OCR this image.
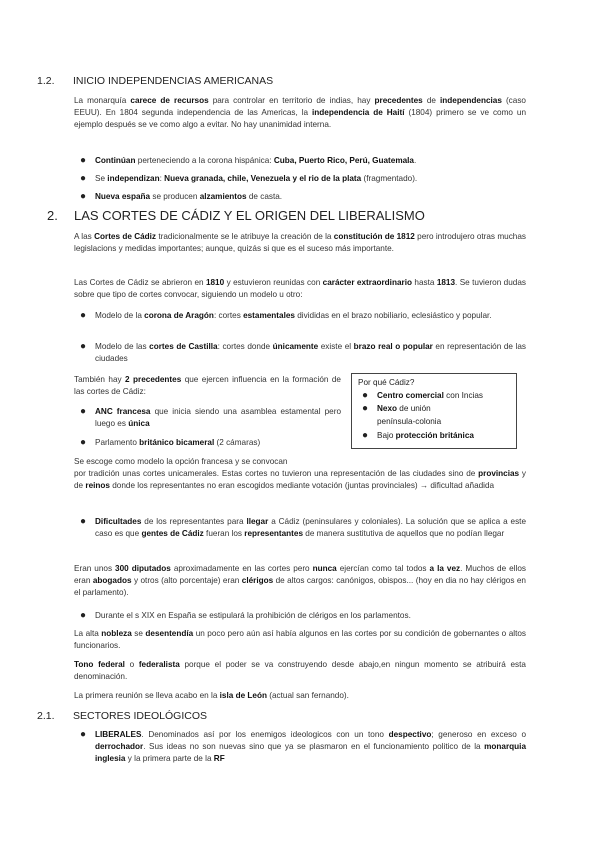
1.2. INICIO INDEPENDENCIAS AMERICANAS
La monarquía carece de recursos para controlar en territorio de indias, hay precedentes de independencias (caso EEUU). En 1804 segunda independencia de las Americas, la independencia de Haití (1804) primero se ve como un ejemplo después se ve como algo a evitar. No hay unanimidad interna.
● Continúan perteneciendo a la corona hispánica: Cuba, Puerto Rico, Perú, Guatemala.
● Se independizan: Nueva granada, chile, Venezuela y el rio de la plata (fragmentado).
● Nueva españa se producen alzamientos de casta.
2. LAS CORTES DE CÁDIZ Y EL ORIGEN DEL LIBERALISMO
A las Cortes de Cádiz tradicionalmente se le atribuye la creación de la constitución de 1812 pero introdujero otras muchas legislacions y medidas importantes; aunque, quizás si que es el suceso más importante.
Las Cortes de Cádiz se abrieron en 1810 y estuvieron reunidas con carácter extraordinario hasta 1813. Se tuvieron dudas sobre que tipo de cortes convocar, siguiendo un modelo u otro:
● Modelo de la corona de Aragón: cortes estamentales divididas en el brazo nobiliario, eclesiástico y popular.
● Modelo de las cortes de Castilla: cortes donde únicamente existe el brazo real o popular en representación de las ciudades
También hay 2 precedentes que ejercen influencia en la formación de las cortes de Cádiz:
● ANC francesa que inicia siendo una asamblea estamental pero luego es única
● Parlamento británico bicameral (2 cámaras)
Por qué Cádiz?
● Centro comercial con Incias
● Nexo de unión
península-colonia
● Bajo protección británica
Se escoge como modelo la opción francesa y se convocan
por tradición unas cortes unicamerales. Estas cortes no tuvieron una representación de las ciudades sino de provincias y de reinos donde los representantes no eran escogidos mediante votación (juntas provinciales) → dificultad añadida
● Dificultades de los representantes para llegar a Cádiz (peninsulares y coloniales). La solución que se aplica a este caso es que gentes de Cádiz fueran los representantes de manera sustitutiva de aquellos que no podían llegar
Eran unos 300 diputados aproximadamente en las cortes pero nunca ejercían como tal todos a la vez. Muchos de ellos eran abogados y otros (alto porcentaje) eran clérigos de altos cargos: canónigos, obispos... (hoy en dia no hay clérigos en el parlamento).
● Durante el s XIX en España se estipulará la prohibición de clérigos en los parlamentos.
La alta nobleza se desentendía un poco pero aún así había algunos en las cortes por su condición de gobernantes o altos funcionarios.
Tono federal o federalista porque el poder se va construyendo desde abajo,en ningun momento se atribuirá esta denominación.
La primera reunión se lleva acabo en la isla de León (actual san fernando).
2.1. SECTORES IDEOLÓGICOS
● LIBERALES. Denominados así por los enemigos ideologicos con un tono despectivo; generoso en exceso o derrochador. Sus ideas no son nuevas sino que ya se plasmaron en el funcionamiento politico de la monarquia inglesia y la primera parte de la RF
